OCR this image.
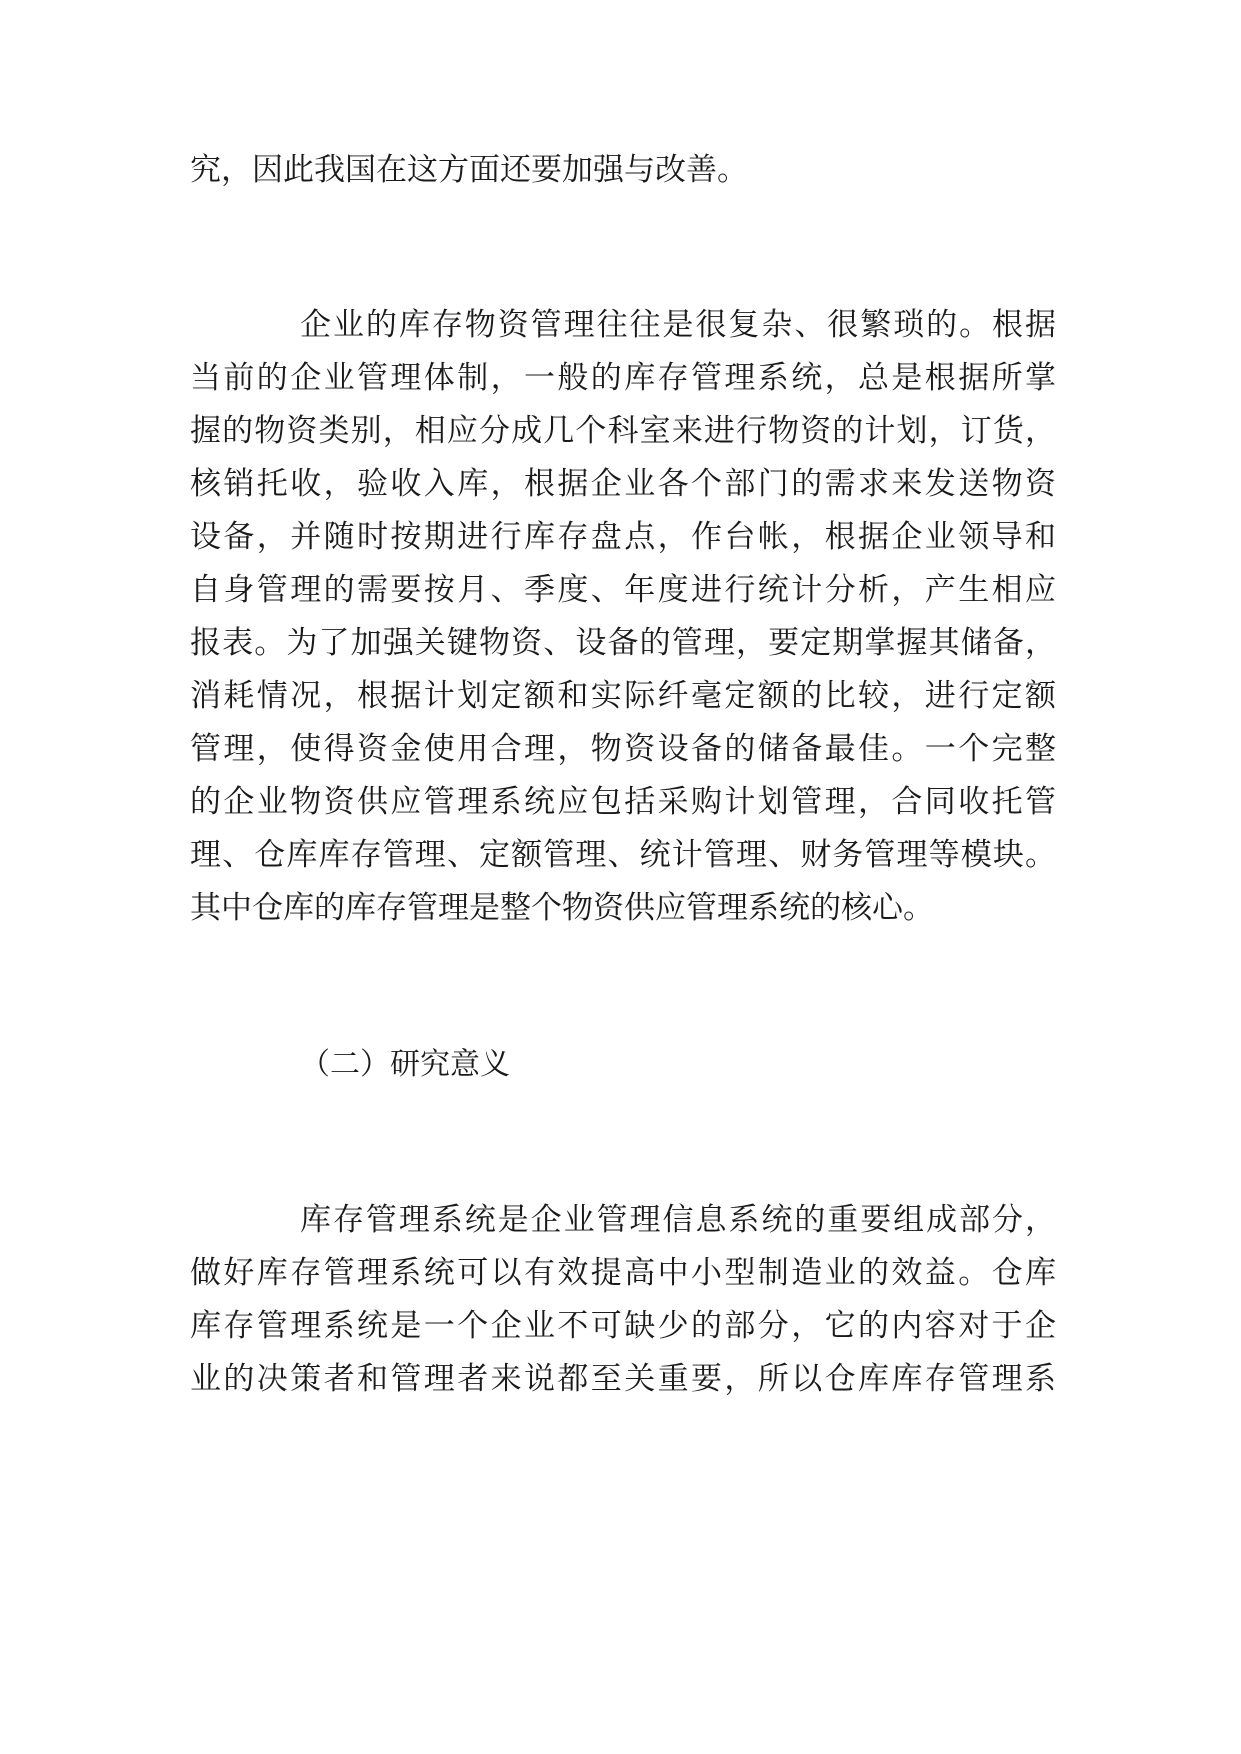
究，因此我国在这方面还要加强与改善。
企业的库存物资管理往往是很复杂、很繁琐的。根据
当前的企业管理体制，一般的库存管理系统，总是根据所掌
握的物资类别，相应分成几个科室来进行物资的计划，订货，
核销托收，验收入库，根据企业各个部门的需求来发送物资
设备，并随时按期进行库存盘点，作台帐，根据企业领导和
自身管理的需要按月、季度、年度进行统计分析，产生相应
报表。为了加强关键物资、设备的管理，要定期掌握其储备，
消耗情况，根据计划定额和实际纤毫定额的比较，进行定额
管理，使得资金使用合理，物资设备的储备最佳。一个完整
的企业物资供应管理系统应包括采购计划管理，合同收托管
理、仓库库存管理、定额管理、统计管理、财务管理等模块。
其中仓库的库存管理是整个物资供应管理系统的核心。
（二）研究意义
库存管理系统是企业管理信息系统的重要组成部分，
做好库存管理系统可以有效提高中小型制造业的效益。仓库
库存管理系统是一个企业不可缺少的部分，它的内容对于企
业的决策者和管理者来说都至关重要，所以仓库库存管理系
